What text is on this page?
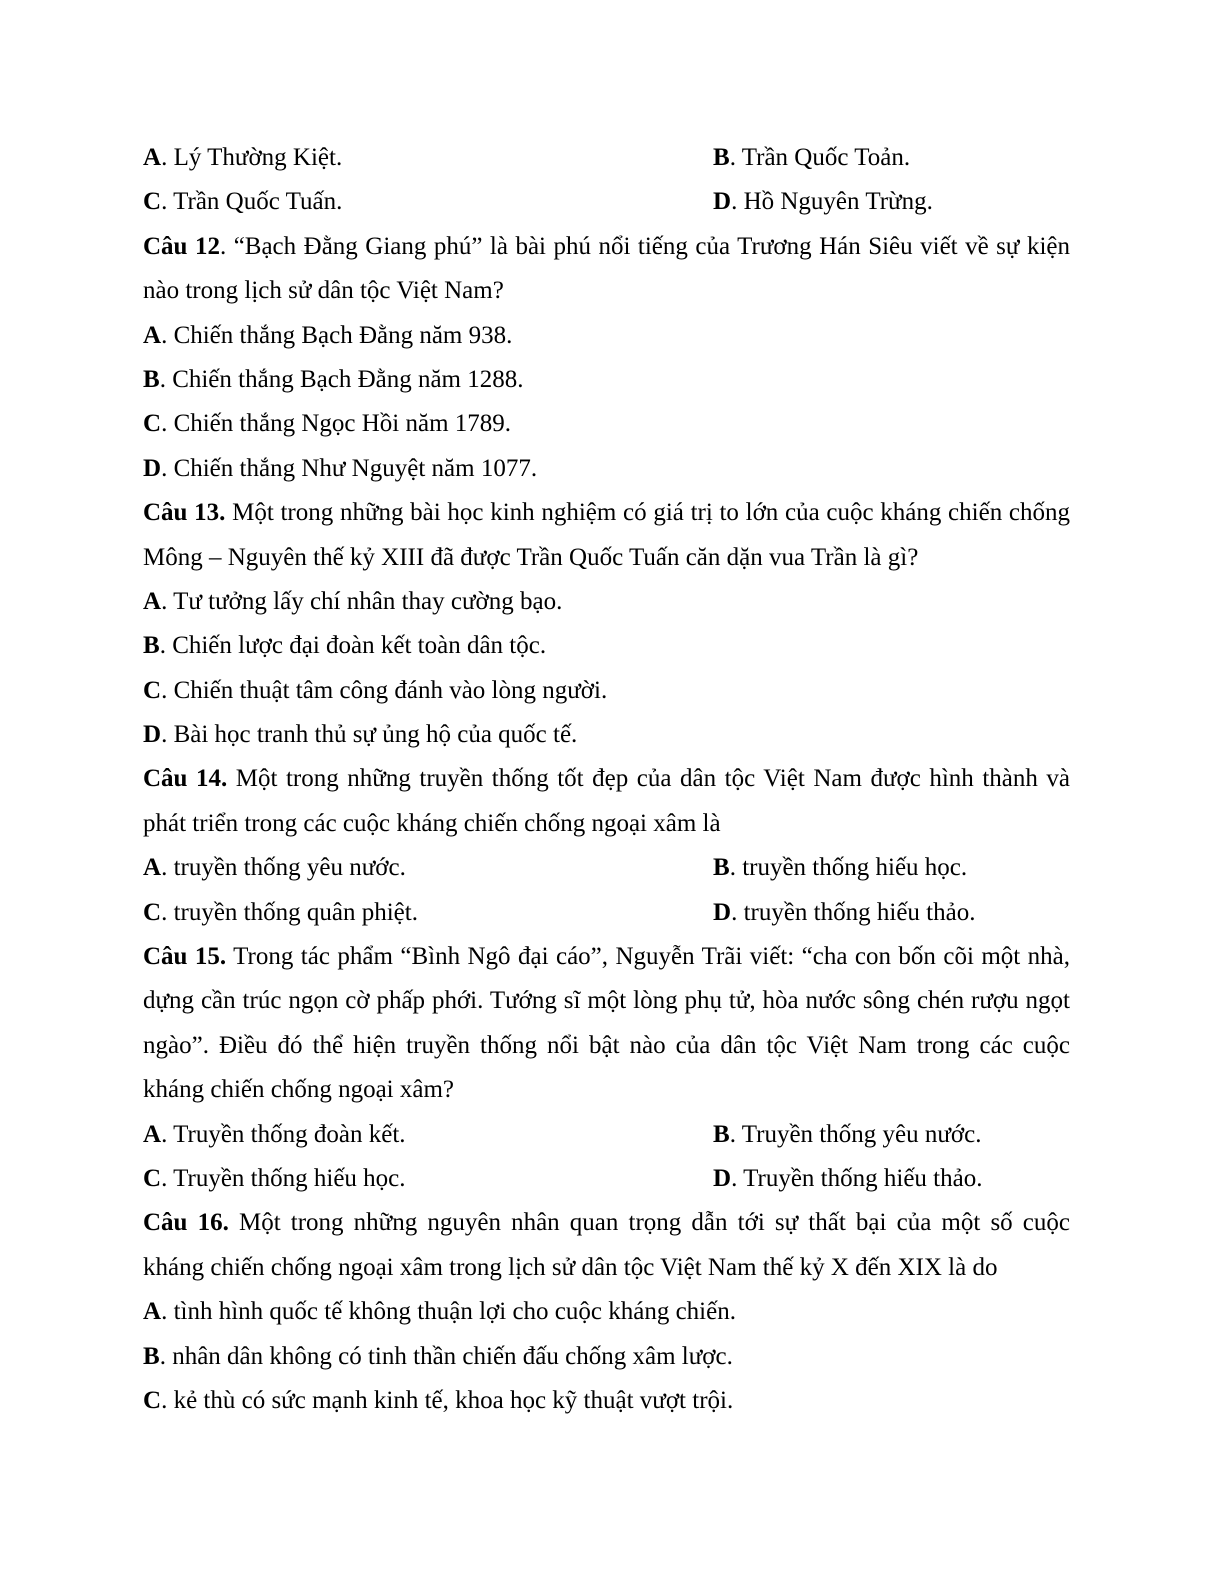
A. Lý Thường Kiệt.	B. Trần Quốc Toản.
C. Trần Quốc Tuấn.	D. Hồ Nguyên Trừng.
Câu 12. “Bạch Đằng Giang phú” là bài phú nổi tiếng của Trương Hán Siêu viết về sự kiện
nào trong lịch sử dân tộc Việt Nam?
A. Chiến thắng Bạch Đằng năm 938.
B. Chiến thắng Bạch Đằng năm 1288.
C. Chiến thắng Ngọc Hồi năm 1789.
D. Chiến thắng Như Nguyệt năm 1077.
Câu 13. Một trong những bài học kinh nghiệm có giá trị to lớn của cuộc kháng chiến chống
Mông – Nguyên thế kỷ XIII đã được Trần Quốc Tuấn căn dặn vua Trần là gì?
A. Tư tưởng lấy chí nhân thay cường bạo.
B. Chiến lược đại đoàn kết toàn dân tộc.
C. Chiến thuật tâm công đánh vào lòng người.
D. Bài học tranh thủ sự ủng hộ của quốc tế.
Câu 14. Một trong những truyền thống tốt đẹp của dân tộc Việt Nam được hình thành và
phát triển trong các cuộc kháng chiến chống ngoại xâm là
A. truyền thống yêu nước.	B. truyền thống hiếu học.
C. truyền thống quân phiệt.	D. truyền thống hiếu thảo.
Câu 15. Trong tác phẩm “Bình Ngô đại cáo”, Nguyễn Trãi viết: “cha con bốn cõi một nhà,
dựng cần trúc ngọn cờ phấp phới. Tướng sĩ một lòng phụ tử, hòa nước sông chén rượu ngọt
ngào”. Điều đó thể hiện truyền thống nổi bật nào của dân tộc Việt Nam trong các cuộc
kháng chiến chống ngoại xâm?
A. Truyền thống đoàn kết.	B. Truyền thống yêu nước.
C. Truyền thống hiếu học.	D. Truyền thống hiếu thảo.
Câu 16. Một trong những nguyên nhân quan trọng dẫn tới sự thất bại của một số cuộc
kháng chiến chống ngoại xâm trong lịch sử dân tộc Việt Nam thế kỷ X đến XIX là do
A. tình hình quốc tế không thuận lợi cho cuộc kháng chiến.
B. nhân dân không có tinh thần chiến đấu chống xâm lược.
C. kẻ thù có sức mạnh kinh tế, khoa học kỹ thuật vượt trội.
